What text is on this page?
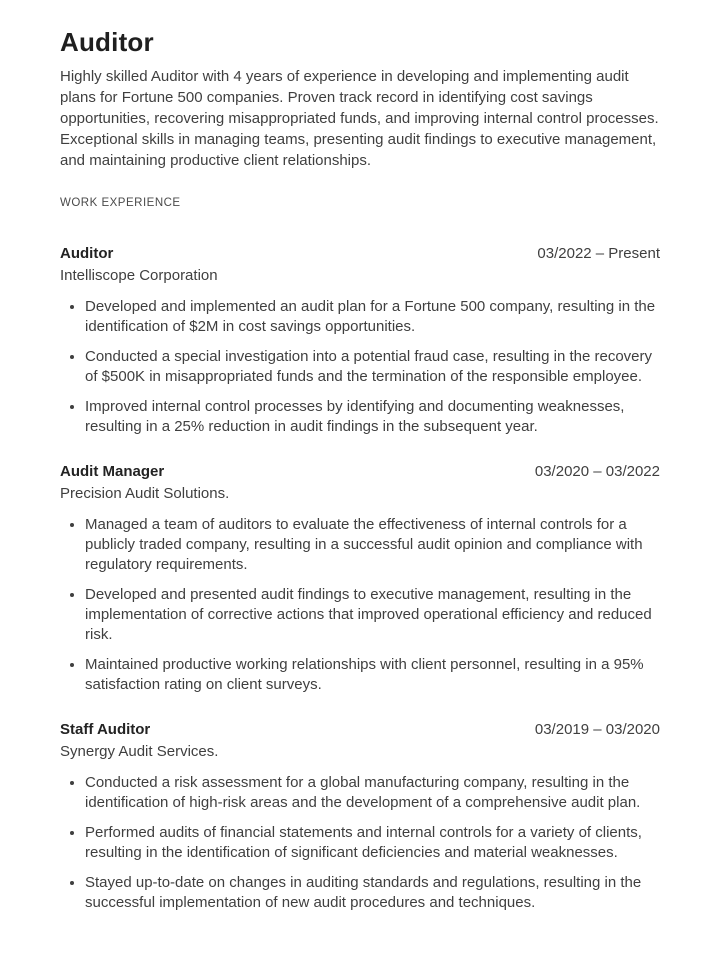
Auditor

Highly skilled Auditor with 4 years of experience in developing and implementing audit plans for Fortune 500 companies. Proven track record in identifying cost savings opportunities, recovering misappropriated funds, and improving internal control processes. Exceptional skills in managing teams, presenting audit findings to executive management, and maintaining productive client relationships.

WORK EXPERIENCE
Auditor	03/2022 – Present
Intelliscope Corporation
Developed and implemented an audit plan for a Fortune 500 company, resulting in the identification of $2M in cost savings opportunities.
Conducted a special investigation into a potential fraud case, resulting in the recovery of $500K in misappropriated funds and the termination of the responsible employee.
Improved internal control processes by identifying and documenting weaknesses, resulting in a 25% reduction in audit findings in the subsequent year.
Audit Manager	03/2020 – 03/2022
Precision Audit Solutions.
Managed a team of auditors to evaluate the effectiveness of internal controls for a publicly traded company, resulting in a successful audit opinion and compliance with regulatory requirements.
Developed and presented audit findings to executive management, resulting in the implementation of corrective actions that improved operational efficiency and reduced risk.
Maintained productive working relationships with client personnel, resulting in a 95% satisfaction rating on client surveys.
Staff Auditor	03/2019 – 03/2020
Synergy Audit Services.
Conducted a risk assessment for a global manufacturing company, resulting in the identification of high-risk areas and the development of a comprehensive audit plan.
Performed audits of financial statements and internal controls for a variety of clients, resulting in the identification of significant deficiencies and material weaknesses.
Stayed up-to-date on changes in auditing standards and regulations, resulting in the successful implementation of new audit procedures and techniques.
